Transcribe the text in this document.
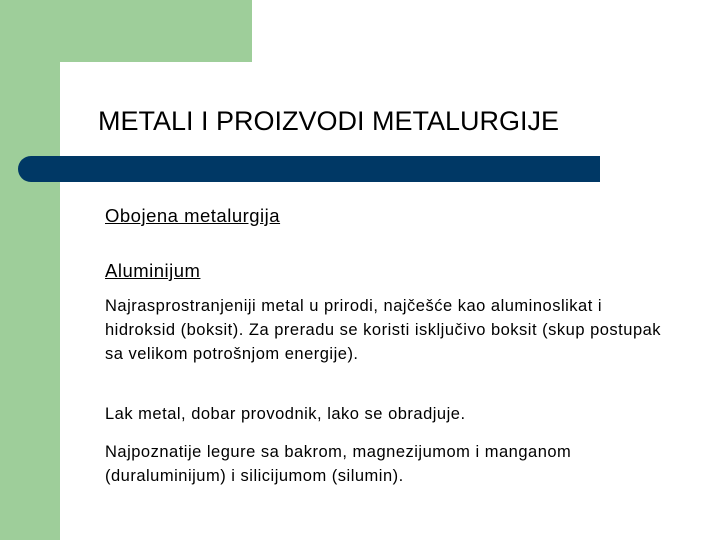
METALI I PROIZVODI METALURGIJE
Obojena metalurgija
Aluminijum

Najrasprostranjeniji metal u prirodi, najčešće kao aluminoslikat i hidroksid (boksit). Za preradu se koristi isključivo boksit (skup postupak sa velikom potrošnjom energije).

Lak metal, dobar provodnik, lako se obradjuje.

Najpoznatije legure sa bakrom, magnezijumom i manganom (duraluminijum) i silicijumom (silumin).
